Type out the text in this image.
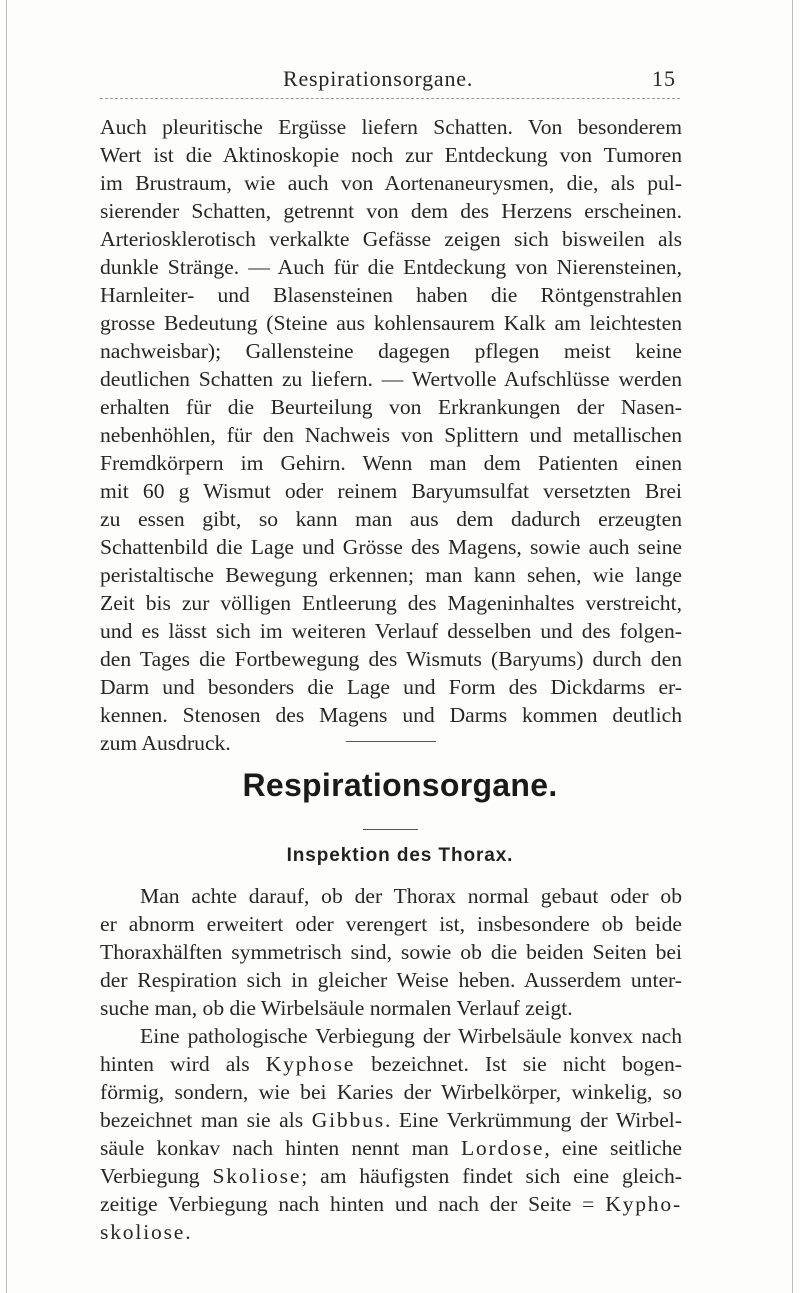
Respirationsorgane.	15
Auch pleuritische Ergüsse liefern Schatten. Von besonderem
Wert ist die Aktinoskopie noch zur Entdeckung von Tumoren
im Brustraum, wie auch von Aortenaneurysmen, die, als pul-
sierender Schatten, getrennt von dem des Herzens erscheinen.
Arteriosklerotisch verkalkte Gefässe zeigen sich bisweilen als
dunkle Stränge. — Auch für die Entdeckung von Nierensteinen,
Harnleiter- und Blasensteinen haben die Röntgenstrahlen
grosse Bedeutung (Steine aus kohlensaurem Kalk am leichtesten
nachweisbar); Gallensteine dagegen pflegen meist keine
deutlichen Schatten zu liefern. — Wertvolle Aufschlüsse werden
erhalten für die Beurteilung von Erkrankungen der Nasen-
nebenhöhlen, für den Nachweis von Splittern und metallischen
Fremdkörpern im Gehirn. Wenn man dem Patienten einen
mit 60 g Wismut oder reinem Baryumsulfat versetzten Brei
zu essen gibt, so kann man aus dem dadurch erzeugten
Schattenbild die Lage und Grösse des Magens, sowie auch seine
peristaltische Bewegung erkennen; man kann sehen, wie lange
Zeit bis zur völligen Entleerung des Mageninhaltes verstreicht,
und es lässt sich im weiteren Verlauf desselben und des folgen-
den Tages die Fortbewegung des Wismuts (Baryums) durch den
Darm und besonders die Lage und Form des Dickdarms er-
kennen. Stenosen des Magens und Darms kommen deutlich
zum Ausdruck.
Respirationsorgane.
Inspektion des Thorax.
Man achte darauf, ob der Thorax normal gebaut oder ob
er abnorm erweitert oder verengert ist, insbesondere ob beide
Thoraxhälften symmetrisch sind, sowie ob die beiden Seiten bei
der Respiration sich in gleicher Weise heben. Ausserdem unter-
suche man, ob die Wirbelsäule normalen Verlauf zeigt.
Eine pathologische Verbiegung der Wirbelsäule konvex nach
hinten wird als Kyphose bezeichnet. Ist sie nicht bogen-
förmig, sondern, wie bei Karies der Wirbelkörper, winkelig, so
bezeichnet man sie als Gibbus. Eine Verkrümmung der Wirbel-
säule konkav nach hinten nennt man Lordose, eine seitliche
Verbiegung Skoliose; am häufigsten findet sich eine gleich-
zeitige Verbiegung nach hinten und nach der Seite = Kypho-
skoliose.
